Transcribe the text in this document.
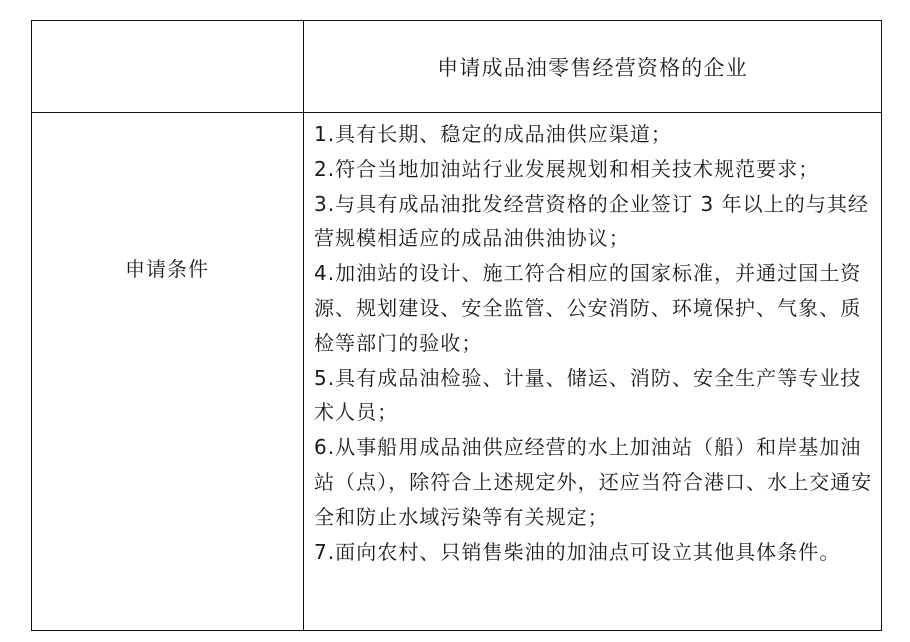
申请成品油零售经营资格的企业
申请条件

1.具有长期、稳定的成品油供应渠道；

2.符合当地加油站行业发展规划和相关技术规范要求；

3.与具有成品油批发经营资格的企业签订 3 年以上的与其经营规模相适应的成品油供油协议；

4.加油站的设计、施工符合相应的国家标准，并通过国土资源、规划建设、安全监管、公安消防、环境保护、气象、质检等部门的验收；

5.具有成品油检验、计量、储运、消防、安全生产等专业技术人员；

6.从事船用成品油供应经营的水上加油站（船）和岸基加油站（点），除符合上述规定外，还应当符合港口、水上交通安全和防止水域污染等有关规定；

7.面向农村、只销售柴油的加油点可设立其他具体条件。
